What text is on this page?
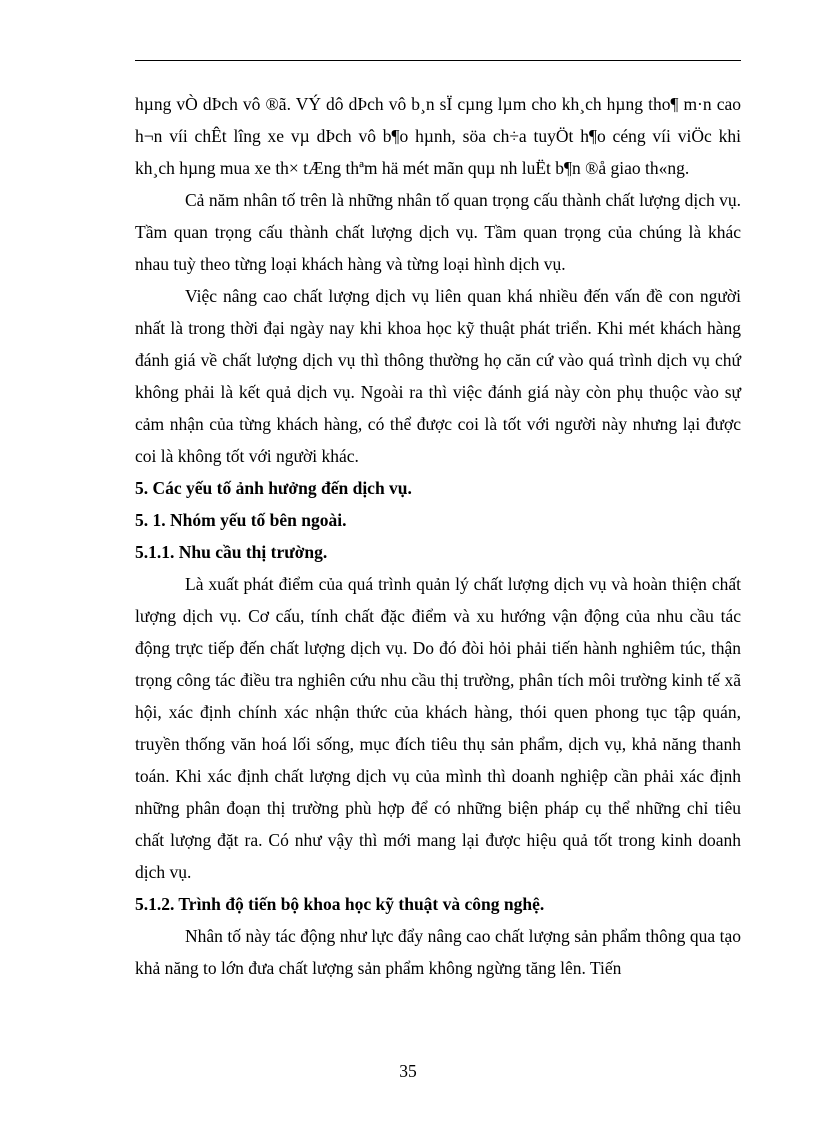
hµng vÒ dÞch vô ®ã. VÝ dô dÞch vô b¸n sÏ cµng lµm cho kh¸ch hµng tho¶ m·n cao h¬n víi chÊt lîng xe vµ dÞch vô b¶o hµnh, söa ch÷a tuyÖt h¶o céng víi viÖc khi kh¸ch hµng mua xe th× tÆng thªm hä mét mãn quµ nh luËt b¶n ®å giao th«ng.

Cả năm nhân tố trên là những nhân tố quan trọng cấu thành chất lượng dịch vụ. Tầm quan trọng cấu thành chất lượng dịch vụ. Tầm quan trọng của chúng là khác nhau tuỳ theo từng loại khách hàng và từng loại hình dịch vụ.

Việc nâng cao chất lượng dịch vụ liên quan khá nhiều đến vấn đề con người nhất là trong thời đại ngày nay khi khoa học kỹ thuật phát triển. Khi mét khách hàng đánh giá về chất lượng dịch vụ thì thông thường họ căn cứ vào quá trình dịch vụ chứ không phải là kết quả dịch vụ. Ngoài ra thì việc đánh giá này còn phụ thuộc vào sự cảm nhận của từng khách hàng, có thể được coi là tốt với người này nhưng lại được coi là không tốt với người khác.

5. Các yếu tố ảnh hưởng đến dịch vụ.
5. 1. Nhóm yếu tố bên ngoài.
5.1.1. Nhu cầu thị trường.

Là xuất phát điểm của quá trình quản lý chất lượng dịch vụ và hoàn thiện chất lượng dịch vụ. Cơ cấu, tính chất đặc điểm và xu hướng vận động của nhu cầu tác động trực tiếp đến chất lượng dịch vụ. Do đó đòi hỏi phải tiến hành nghiêm túc, thận trọng công tác điều tra nghiên cứu nhu cầu thị trường, phân tích môi trường kinh tế xã hội, xác định chính xác nhận thức của khách hàng, thói quen phong tục tập quán, truyền thống văn hoá lối sống, mục đích tiêu thụ sản phẩm, dịch vụ, khả năng thanh toán. Khi xác định chất lượng dịch vụ của mình thì doanh nghiệp cần phải xác định những phân đoạn thị trường phù hợp để có những biện pháp cụ thể những chỉ tiêu chất lượng đặt ra. Có như vậy thì mới mang lại được hiệu quả tốt trong kinh doanh dịch vụ.

5.1.2. Trình độ tiến bộ khoa học kỹ thuật và công nghệ.

Nhân tố này tác động như lực đẩy nâng cao chất lượng sản phẩm thông qua tạo khả năng to lớn đưa chất lượng sản phẩm không ngừng tăng lên. Tiến

35
